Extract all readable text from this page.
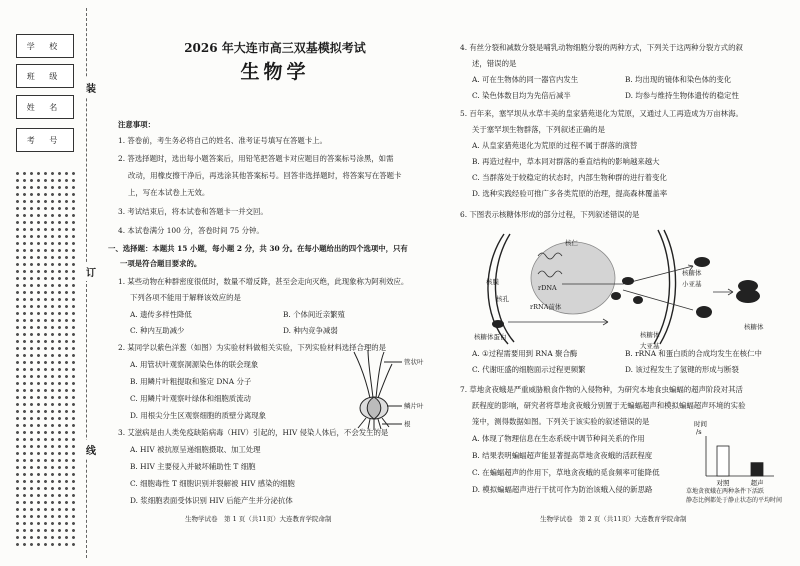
学 校
班 级
姓 名
考 号
装
订
线
2026 年大连市高三双基模拟考试
生物学
注意事项：
1. 答卷前，考生务必将自己的姓名、准考证号填写在答题卡上。
2. 答选择题时，选出每小题答案后，用铅笔把答题卡对应题目的答案标号涂黑，如需
改动，用橡皮擦干净后，再选涂其他答案标号。回答非选择题时，将答案写在答题卡
上，写在本试卷上无效。
3. 考试结束后，将本试卷和答题卡一并交回。
4. 本试卷满分 100 分，答卷时间 75 分钟。
一、选择题：本题共 15 小题，每小题 2 分，共 30 分。在每小题给出的四个选项中，只有
一项是符合题目要求的。
1. 某些动物在种群密度很低时，数量不增反降，甚至会走向灭绝，此现象称为阿利效应。
下列各项不能用于解释该效应的是
A. 遗传多样性降低	B. 个体间近亲繁殖
C. 种内互助减少	D. 种内竞争减弱
2. 某同学以紫色洋葱（如图）为实验材料做相关实验，下列实验材料选择合理的是
A. 用管状叶观察洞源染色体的联会现象
B. 用鳞片叶粗提取和鉴定 DNA 分子
C. 用鳞片叶观察叶绿体和细胞质流动
D. 用根尖分生区观察细胞的质壁分离现象
3. 艾滋病是由人类免疫缺陷病毒（HIV）引起的，HIV 侵染人体后，不会发生的是
A. HIV 被抗原呈递细胞摄取、加工处理
B. HIV 主要侵入并破坏辅助性 T 细胞
C. 细胞毒性 T 细胞识别并裂解被 HIV 感染的细胞
D. 浆细胞表面受体识别 HIV 后能产生并分泌抗体
管状叶
鳞片叶
根
生物学试卷　第 1 页（共11页）大连教育学院命制
4. 有丝分裂和减数分裂是哺乳动物细胞分裂的两种方式，下列关于这两种分裂方式的叙
述，错误的是
A. 可在生物体的同一器官内发生	B. 均出现的镜体和染色体的变化
C. 染色体数目均为先倍后减半	D. 均参与维持生物体遗传的稳定性
5. 百年来，塞罕坝从水草丰美的皇家猎苑退化为荒原，又通过人工再造成为万亩林海。
关于塞罕坝生物群落，下列叙述正确的是
A. 从皇家猎苑退化为荒原的过程不属于群落的演替
B. 再造过程中，草本同对群落的垂直结构的影响越来越大
C. 当群落处于较稳定的状态时，内部生物种群的进行着变化
D. 选种实践经验可推广多各类荒原的治理，提高森林覆盖率
6. 下图表示核糖体形成的部分过程，下列叙述错误的是
A. ①过程需要用到 RNA 聚合酶	B. rRNA 和蛋白质的合成均发生在核仁中
C. 代谢旺盛的细胞面示过程更频繁	D. 该过程发生了氢键的形成与断裂
7. 草地贪夜蛾是严重威胁粮食作物的入侵物种，为研究本地食虫蝙蝠的超声阶段对其活
跃程度的影响，研究者将草地贪夜蛾分别置于无蝙蝠超声和模拟蝙蝠超声环境的实验
笼中，测得数据如图。下列关于该实验的叙述错误的是
A. 体现了物理信息在生态系统中调节种间关系的作用
B. 结果表明蝙蝠超声能显著提高草地贪夜蛾的活跃程度
C. 在蝙蝠超声的作用下，草地贪夜蛾的觅食频率可能降低
D. 模拟蝙蝠超声进行干扰可作为防治该蛾入侵的新思路
核仁
核膜
核孔
rDNA
rRNA前体
核糖体
小亚基
核糖体
大亚基
核糖体
核糖体蛋白
时间
/s
对照	超声
草地贪夜蛾在两种条件下活跃
静态比例都处于静止状态的平均时间
生物学试卷　第 2 页（共11页）大连教育学院命制
